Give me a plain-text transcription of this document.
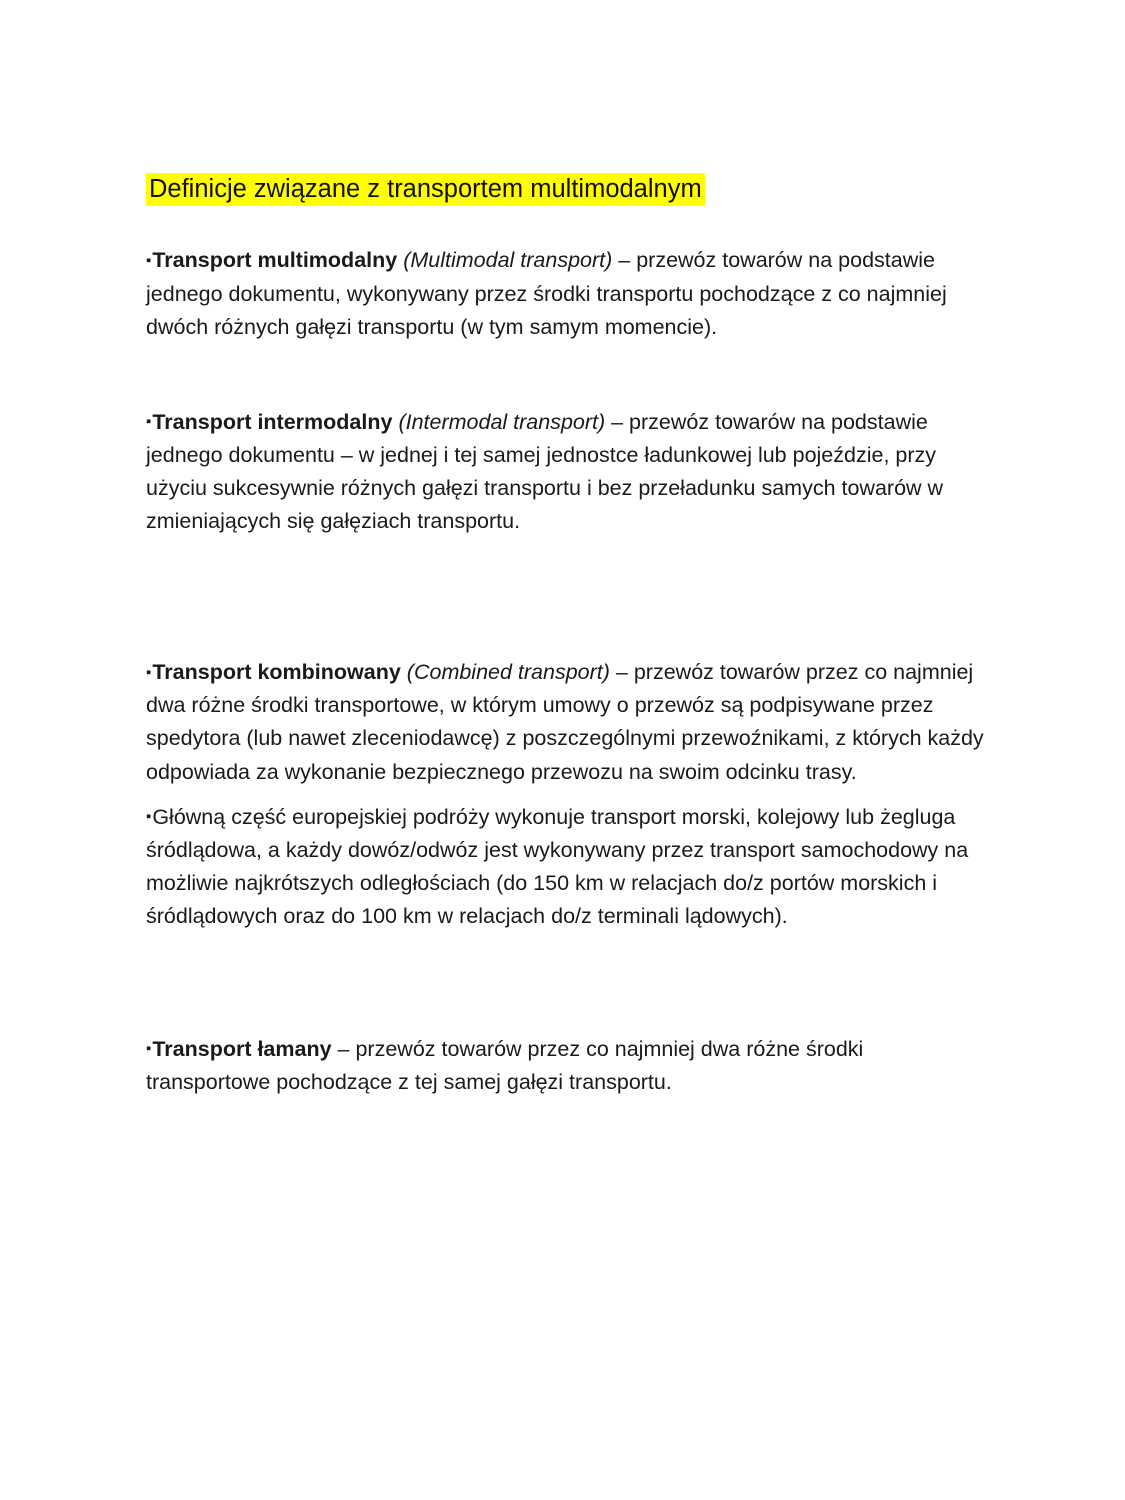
Definicje związane z transportem multimodalnym

▪Transport multimodalny (Multimodal transport) – przewóz towarów na podstawie jednego dokumentu, wykonywany przez środki transportu pochodzące z co najmniej dwóch różnych gałęzi transportu (w tym samym momencie).

▪Transport intermodalny (Intermodal transport) – przewóz towarów na podstawie jednego dokumentu – w jednej i tej samej jednostce ładunkowej lub pojeździe, przy użyciu sukcesywnie różnych gałęzi transportu i bez przeładunku samych towarów w zmieniających się gałęziach transportu.

▪Transport kombinowany (Combined transport) – przewóz towarów przez co najmniej dwa różne środki transportowe, w którym umowy o przewóz są podpisywane przez spedytora (lub nawet zleceniodawcę) z poszczególnymi przewoźnikami, z których każdy odpowiada za wykonanie bezpiecznego przewozu na swoim odcinku trasy.

▪Główną część europejskiej podróży wykonuje transport morski, kolejowy lub żegluga śródlądowa, a każdy dowóz/odwóz jest wykonywany przez transport samochodowy na możliwie najkrótszych odległościach (do 150 km w relacjach do/z portów morskich i śródlądowych oraz do 100 km w relacjach do/z terminali lądowych).

▪Transport łamany – przewóz towarów przez co najmniej dwa różne środki transportowe pochodzące z tej samej gałęzi transportu.
